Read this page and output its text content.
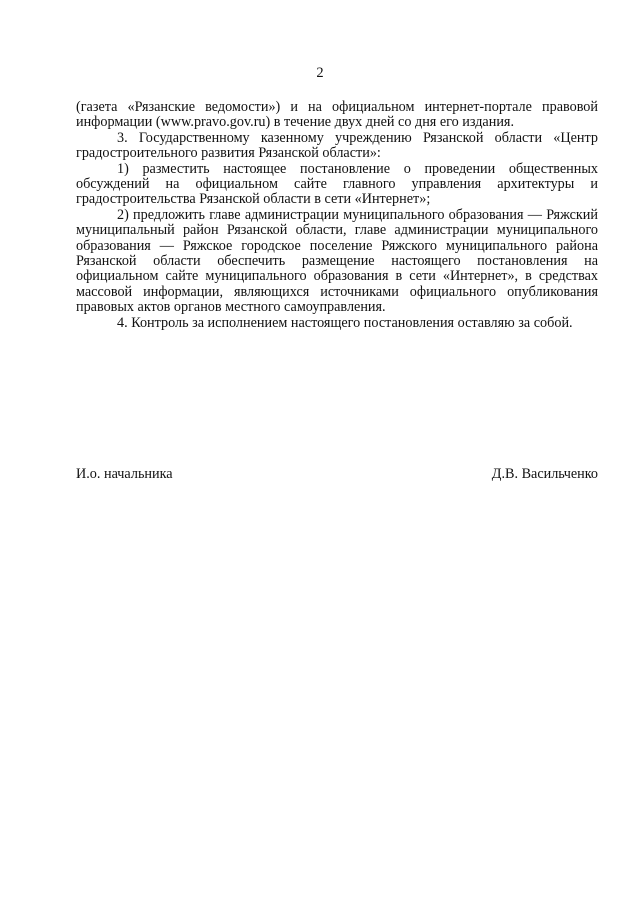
2

(газета «Рязанские ведомости») и на официальном интернет-портале правовой информации (www.pravo.gov.ru) в течение двух дней со дня его издания.

3. Государственному казенному учреждению Рязанской области «Центр градостроительного развития Рязанской области»:

1) разместить настоящее постановление о проведении общественных обсуждений на официальном сайте главного управления архитектуры и градостроительства Рязанской области в сети «Интернет»;

2) предложить главе администрации муниципального образования — Ряжский муниципальный район Рязанской области, главе администрации муниципального образования — Ряжское городское поселение Ряжского муниципального района Рязанской области обеспечить размещение настоящего постановления на официальном сайте муниципального образования в сети «Интернет», в средствах массовой информации, являющихся источниками официального опубликования правовых актов органов местного самоуправления.

4. Контроль за исполнением настоящего постановления оставляю за собой.

И.о. начальника	Д.В. Васильченко
